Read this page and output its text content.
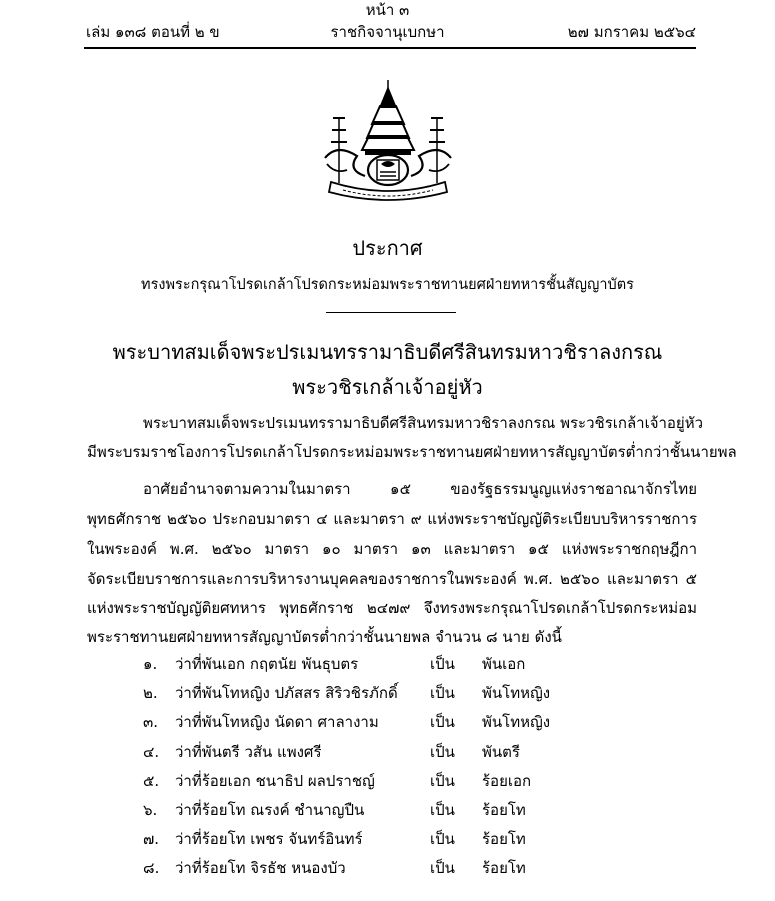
หน้า ๓
เล่ม ๑๓๘ ตอนที่ ๒ ข	ราชกิจจานุเบกษา	๒๗ มกราคม ๒๕๖๔
ประกาศ
ทรงพระกรุณาโปรดเกล้าโปรดกระหม่อมพระราชทานยศฝ่ายทหารชั้นสัญญาบัตร
พระบาทสมเด็จพระปรเมนทรรามาธิบดีศรีสินทรมหาวชิราลงกรณ
พระวชิรเกล้าเจ้าอยู่หัว
พระบาทสมเด็จพระปรเมนทรรามาธิบดีศรีสินทรมหาวชิราลงกรณ พระวชิรเกล้าเจ้าอยู่หัว
มีพระบรมราชโองการโปรดเกล้าโปรดกระหม่อมพระราชทานยศฝ่ายทหารสัญญาบัตรต่ำกว่าชั้นนายพล
อาศัยอำนาจตามความในมาตรา ๑๕ ของรัฐธรรมนูญแห่งราชอาณาจักรไทย
พุทธศักราช ๒๕๖๐ ประกอบมาตรา ๔ และมาตรา ๙ แห่งพระราชบัญญัติระเบียบบริหารราชการ
ในพระองค์ พ.ศ. ๒๕๖๐ มาตรา ๑๐ มาตรา ๑๓ และมาตรา ๑๕ แห่งพระราชกฤษฎีกา
จัดระเบียบราชการและการบริหารงานบุคคลของราชการในพระองค์ พ.ศ. ๒๕๖๐ และมาตรา ๕
แห่งพระราชบัญญัติยศทหาร พุทธศักราช ๒๔๗๙ จึงทรงพระกรุณาโปรดเกล้าโปรดกระหม่อม
พระราชทานยศฝ่ายทหารสัญญาบัตรต่ำกว่าชั้นนายพล จำนวน ๘ นาย ดังนี้
๑. ว่าที่พันเอก กฤตนัย พันธุบตร	เป็น พันเอก
๒. ว่าที่พันโทหญิง ปภัสสร สิริวชิรภักดิ์ เป็น พันโทหญิง
๓. ว่าที่พันโทหญิง นัดดา ศาลางาม	เป็น พันโทหญิง
๔. ว่าที่พันตรี วสัน แพงศรี	เป็น พันตรี
๕. ว่าที่ร้อยเอก ชนาธิป ผลปราชญ์	เป็น ร้อยเอก
๖. ว่าที่ร้อยโท ณรงค์ ชำนาญปืน	เป็น ร้อยโท
๗. ว่าที่ร้อยโท เพชร จันทร์อินทร์	เป็น ร้อยโท
๘. ว่าที่ร้อยโท จิรธัช หนองบัว	เป็น ร้อยโท
